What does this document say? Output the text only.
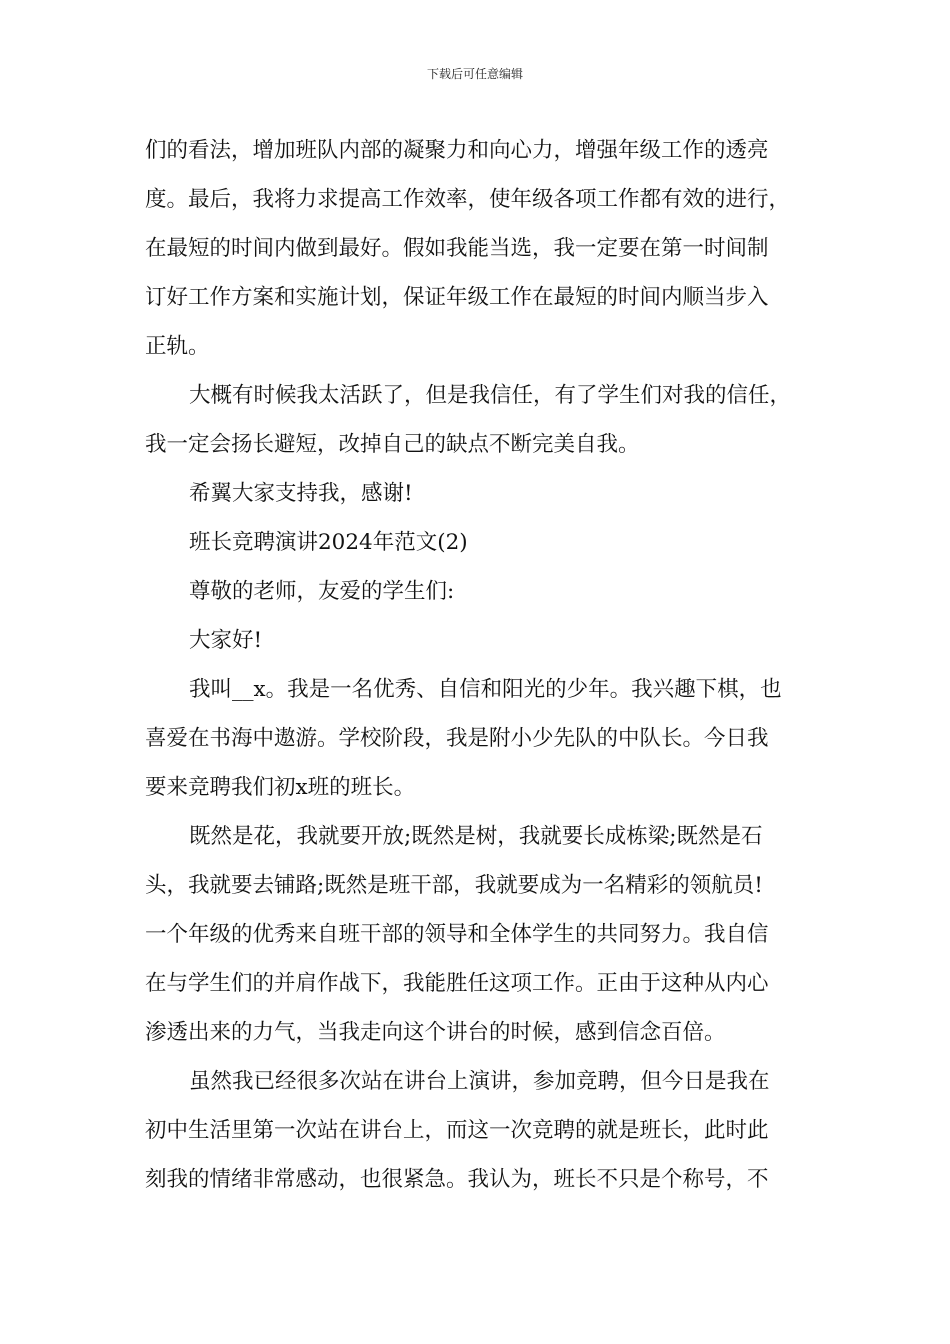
下载后可任意编辑

们的看法，增加班队内部的凝聚力和向心力，增强年级工作的透亮
度。最后，我将力求提高工作效率，使年级各项工作都有效的进行，
在最短的时间内做到最好。假如我能当选，我一定要在第一时间制
订好工作方案和实施计划，保证年级工作在最短的时间内顺当步入
正轨。

大概有时候我太活跃了，但是我信任，有了学生们对我的信任，
我一定会扬长避短，改掉自己的缺点不断完美自我。

希翼大家支持我，感谢!

班长竞聘演讲2024年范文(2)

尊敬的老师，友爱的学生们:

大家好!

我叫__x。我是一名优秀、自信和阳光的少年。我兴趣下棋，也
喜爱在书海中遨游。学校阶段，我是附小少先队的中队长。今日我
要来竞聘我们初x班的班长。

既然是花，我就要开放;既然是树，我就要长成栋梁;既然是石
头，我就要去铺路;既然是班干部，我就要成为一名精彩的领航员!
一个年级的优秀来自班干部的领导和全体学生的共同努力。我自信
在与学生们的并肩作战下，我能胜任这项工作。正由于这种从内心
渗透出来的力气，当我走向这个讲台的时候，感到信念百倍。

虽然我已经很多次站在讲台上演讲，参加竞聘，但今日是我在
初中生活里第一次站在讲台上，而这一次竞聘的就是班长，此时此
刻我的情绪非常感动，也很紧急。我认为，班长不只是个称号，不
